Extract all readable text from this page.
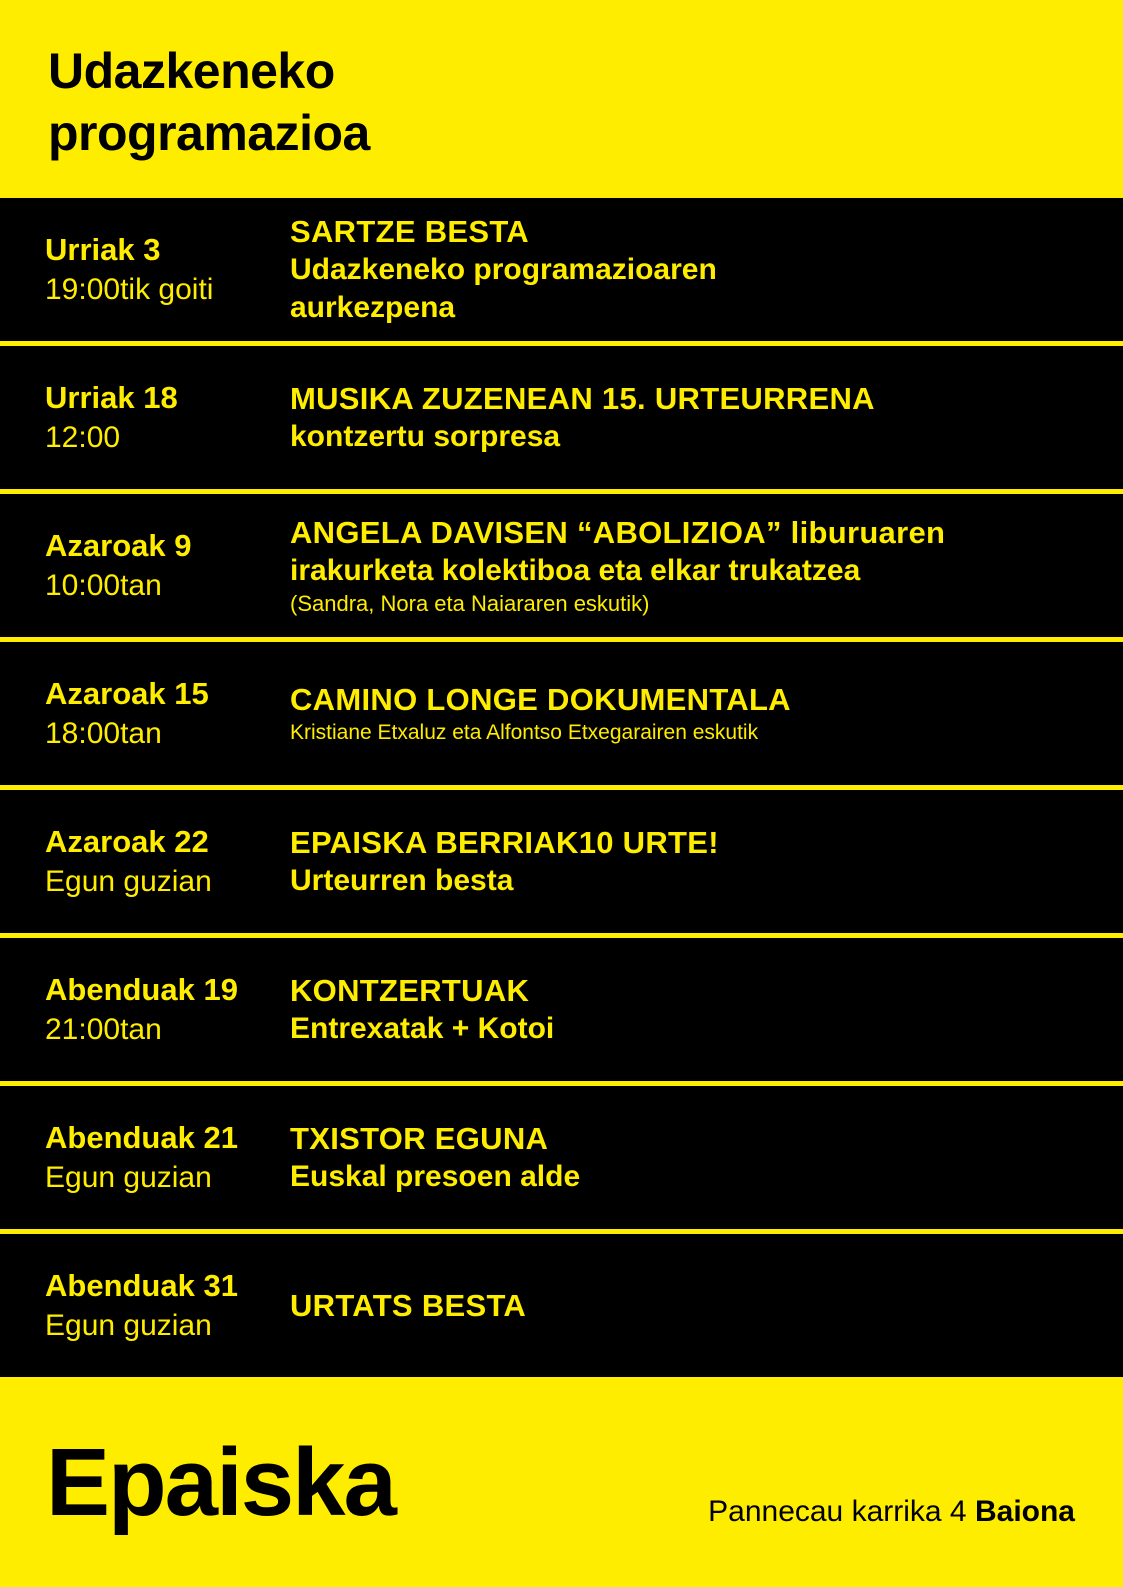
Udazkeneko
programazioa
Urriak 3
19:00tik goiti
SARTZE BESTA
Udazkeneko programazioaren
aurkezpena
Urriak 18
12:00
MUSIKA ZUZENEAN 15. URTEURRENA
kontzertu sorpresa
Azaroak 9
10:00tan
ANGELA DAVISEN “ABOLIZIOA” liburuaren
irakurketa kolektiboa eta elkar trukatzea
(Sandra, Nora eta Naiararen eskutik)
Azaroak 15
18:00tan
CAMINO LONGE DOKUMENTALA
Kristiane Etxaluz eta Alfontso Etxegarairen eskutik
Azaroak 22
Egun guzian
EPAISKA BERRIAK10 URTE!
Urteurren besta
Abenduak 19
21:00tan
KONTZERTUAK
Entrexatak + Kotoi
Abenduak 21
Egun guzian
TXISTOR EGUNA
Euskal presoen alde
Abenduak 31
Egun guzian
URTATS BESTA
Epaiska	Pannecau karrika 4 Baiona
